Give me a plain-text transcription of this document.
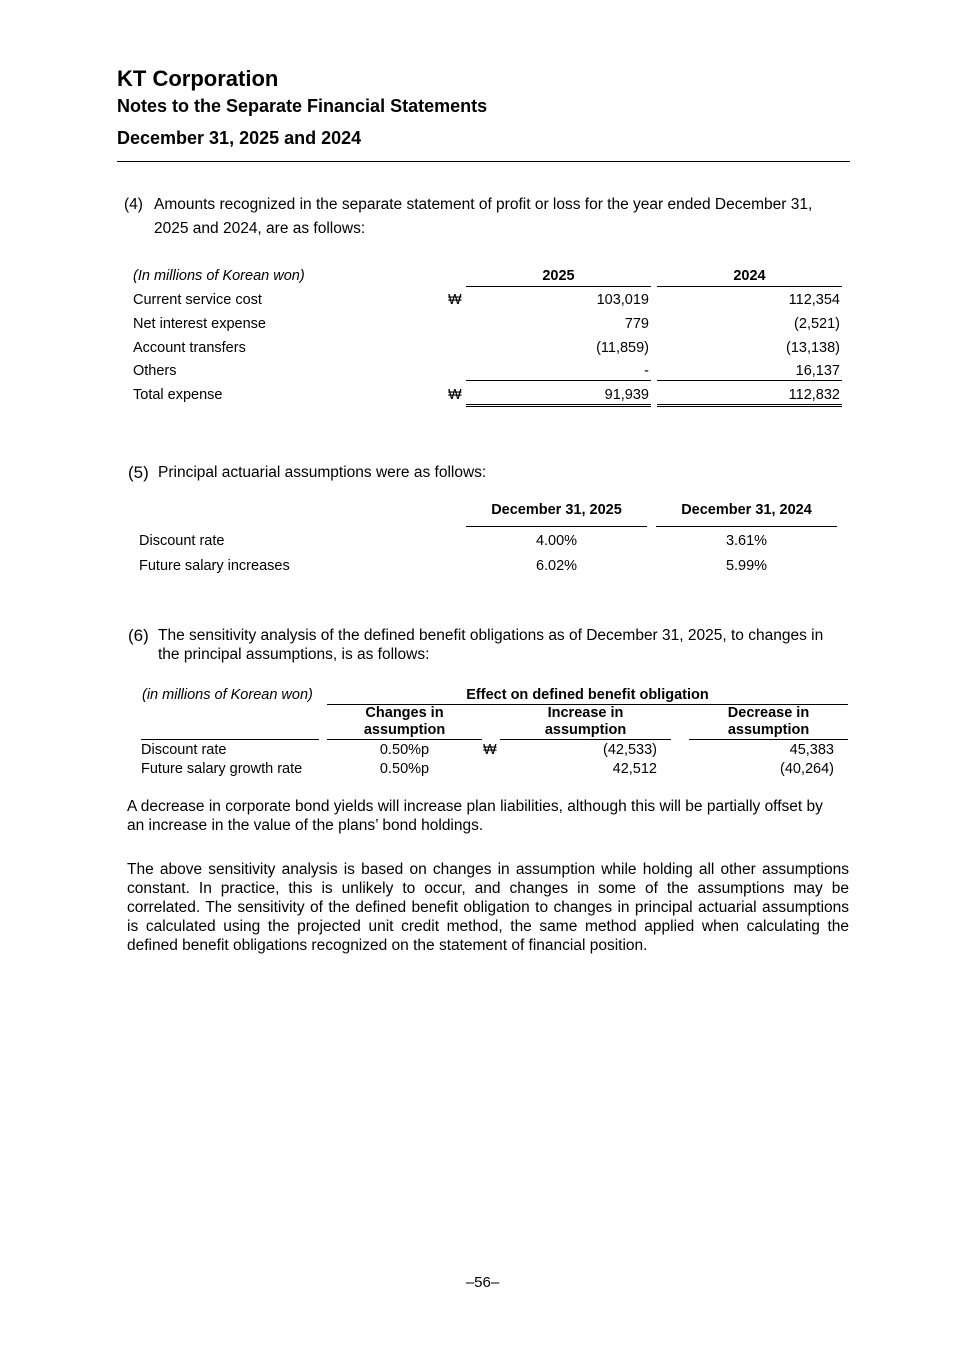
KT Corporation
Notes to the Separate Financial Statements
December 31, 2025 and 2024
(4) Amounts recognized in the separate statement of profit or loss for the year ended December 31,
2025 and 2024, are as follows:
(In millions of Korean won)	2025	2024
Current service cost	₩	103,019	112,354
Net interest expense	779	(2,521)
Account transfers	(11,859)	(13,138)
Others	-	16,137
Total expense	₩	91,939	112,832
(5) Principal actuarial assumptions were as follows:
December 31, 2025	December 31, 2024
Discount rate	4.00%	3.61%
Future salary increases	6.02%	5.99%
(6) The sensitivity analysis of the defined benefit obligations as of December 31, 2025, to changes in
the principal assumptions, is as follows:
(in millions of Korean won)	Effect on defined benefit obligation
Changes in
assumption
Increase in
assumption
Decrease in
assumption
Discount rate	0.50%p	₩	(42,533)	45,383
Future salary growth rate	0.50%p	42,512	(40,264)
A decrease in corporate bond yields will increase plan liabilities, although this will be partially offset by
an increase in the value of the plans’ bond holdings.
The above sensitivity analysis is based on changes in assumption while holding all other assumptions constant. In practice, this is unlikely to occur, and changes in some of the assumptions may be correlated. The sensitivity of the defined benefit obligation to changes in principal actuarial assumptions is calculated using the projected unit credit method, the same method applied when calculating the defined benefit obligations recognized on the statement of financial position.
–56–
